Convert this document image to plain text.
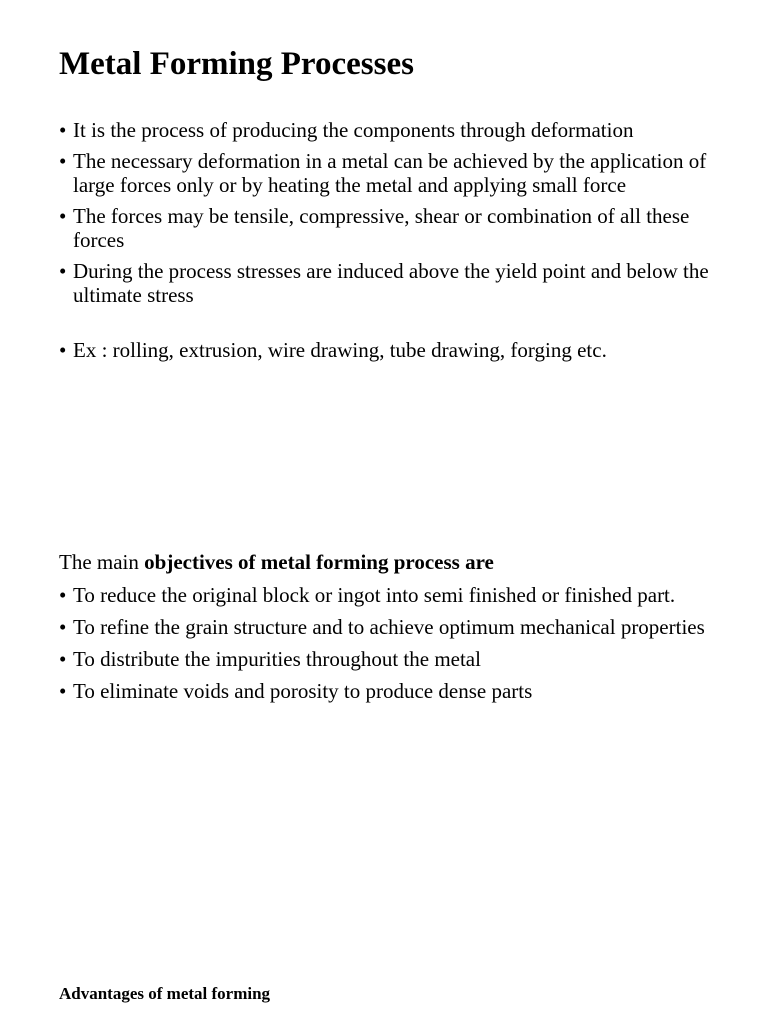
Metal Forming Processes
• It is the process of producing the components through deformation
• The necessary deformation in a metal can be achieved by the application of large forces only or by heating the metal and applying small force
• The forces may be tensile, compressive, shear or combination of all these forces
• During the process stresses are induced above the yield point and below the ultimate stress
• Ex : rolling, extrusion, wire drawing, tube drawing, forging etc.

The main objectives of metal forming process are

• To reduce the original block or ingot into semi finished or finished part.
• To refine the grain structure and to achieve optimum mechanical properties
• To distribute the impurities throughout the metal
• To eliminate voids and porosity to produce dense parts
Advantages of metal forming
